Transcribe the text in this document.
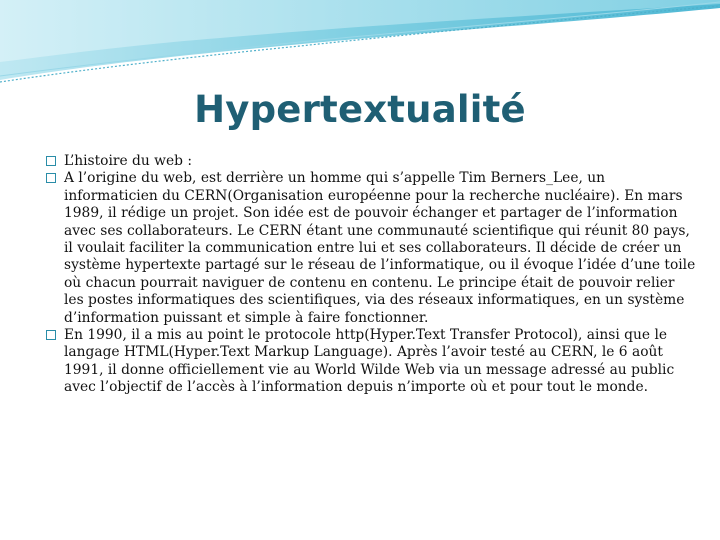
Hypertextualité
L’histoire du web :
A l’origine du web, est derrière un homme qui s’appelle Tim Berners_Lee, un informaticien du CERN(Organisation européenne pour la recherche nucléaire). En mars 1989, il rédige un projet. Son idée est de pouvoir échanger et partager de l’information avec ses collaborateurs. Le CERN étant une communauté scientifique qui réunit 80 pays, il voulait faciliter la communication entre lui et ses collaborateurs. Il décide de créer un système hypertexte partagé sur le réseau de l’informatique, ou il évoque l’idée d’une toile où chacun pourrait naviguer de contenu en contenu. Le principe était de pouvoir relier les postes informatiques des scientifiques, via des réseaux informatiques, en un système d’information puissant et simple à faire fonctionner.
En 1990, il a mis au point le protocole http(Hyper.Text Transfer Protocol), ainsi que le langage HTML(Hyper.Text Markup Language). Après l’avoir testé au CERN, le 6 août 1991, il donne officiellement vie au World Wilde Web via un message adressé au public avec l’objectif de l’accès à l’information depuis n’importe où et pour tout le monde.
